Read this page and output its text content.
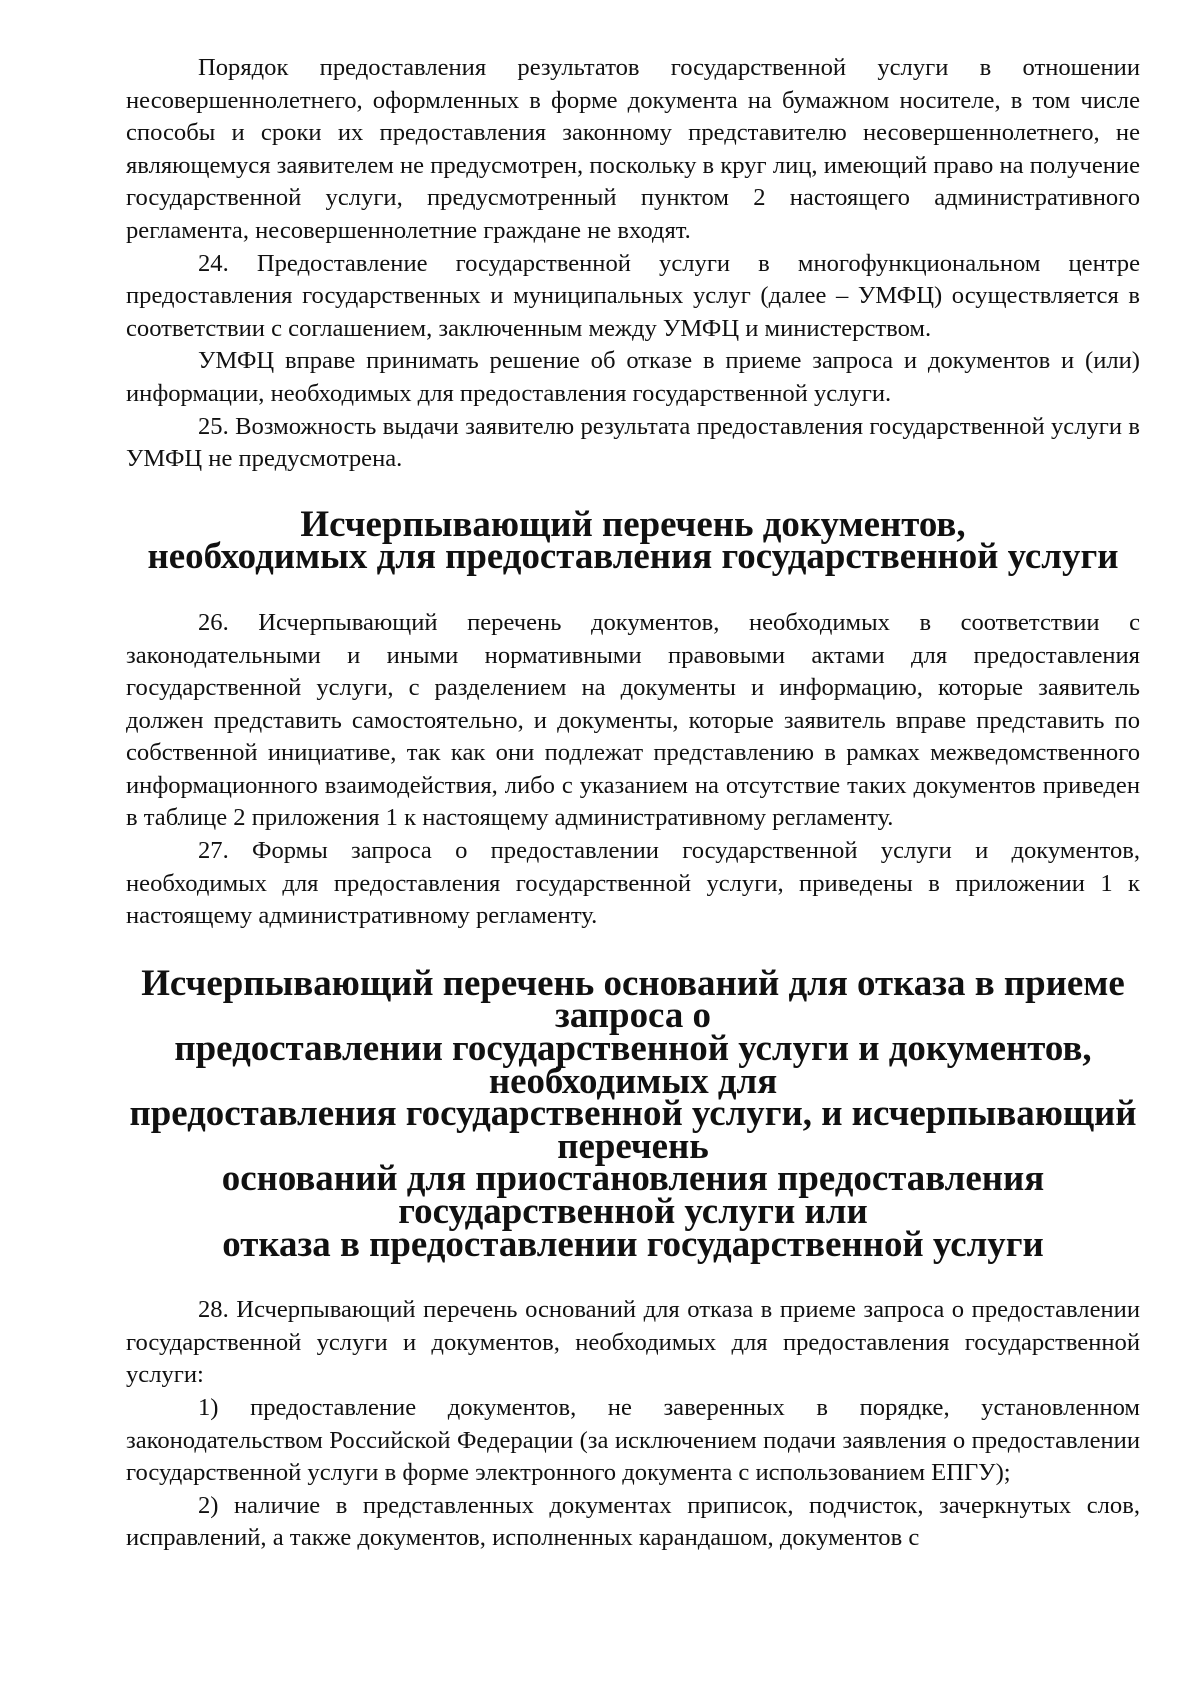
Порядок предоставления результатов государственной услуги в отношении несовершеннолетнего, оформленных в форме документа на бумажном носителе, в том числе способы и сроки их предоставления законному представителю несовершеннолетнего, не являющемуся заявителем не предусмотрен, поскольку в круг лиц, имеющий право на получение государственной услуги, предусмотренный пунктом 2 настоящего административного регламента, несовершеннолетние граждане не входят.

24. Предоставление государственной услуги в многофункциональном центре предоставления государственных и муниципальных услуг (далее – УМФЦ) осуществляется в соответствии с соглашением, заключенным между УМФЦ и министерством.

УМФЦ вправе принимать решение об отказе в приеме запроса и документов и (или) информации, необходимых для предоставления государственной услуги.

25. Возможность выдачи заявителю результата предоставления государственной услуги в УМФЦ не предусмотрена.

Исчерпывающий перечень документов,
необходимых для предоставления государственной услуги

26. Исчерпывающий перечень документов, необходимых в соответствии с законодательными и иными нормативными правовыми актами для предоставления государственной услуги, с разделением на документы и информацию, которые заявитель должен представить самостоятельно, и документы, которые заявитель вправе представить по собственной инициативе, так как они подлежат представлению в рамках межведомственного информационного взаимодействия, либо с указанием на отсутствие таких документов приведен в таблице 2 приложения 1 к настоящему административному регламенту.

27. Формы запроса о предоставлении государственной услуги и документов, необходимых для предоставления государственной услуги, приведены в приложении 1 к настоящему административному регламенту.

Исчерпывающий перечень оснований для отказа в приеме запроса о
предоставлении государственной услуги и документов, необходимых для
предоставления государственной услуги, и исчерпывающий перечень
оснований для приостановления предоставления государственной услуги или
отказа в предоставлении государственной услуги

28. Исчерпывающий перечень оснований для отказа в приеме запроса о предоставлении государственной услуги и документов, необходимых для предоставления государственной услуги:

1) предоставление документов, не заверенных в порядке, установленном законодательством Российской Федерации (за исключением подачи заявления о предоставлении государственной услуги в форме электронного документа с использованием ЕПГУ);

2) наличие в представленных документах приписок, подчисток, зачеркнутых слов, исправлений, а также документов, исполненных карандашом, документов с
